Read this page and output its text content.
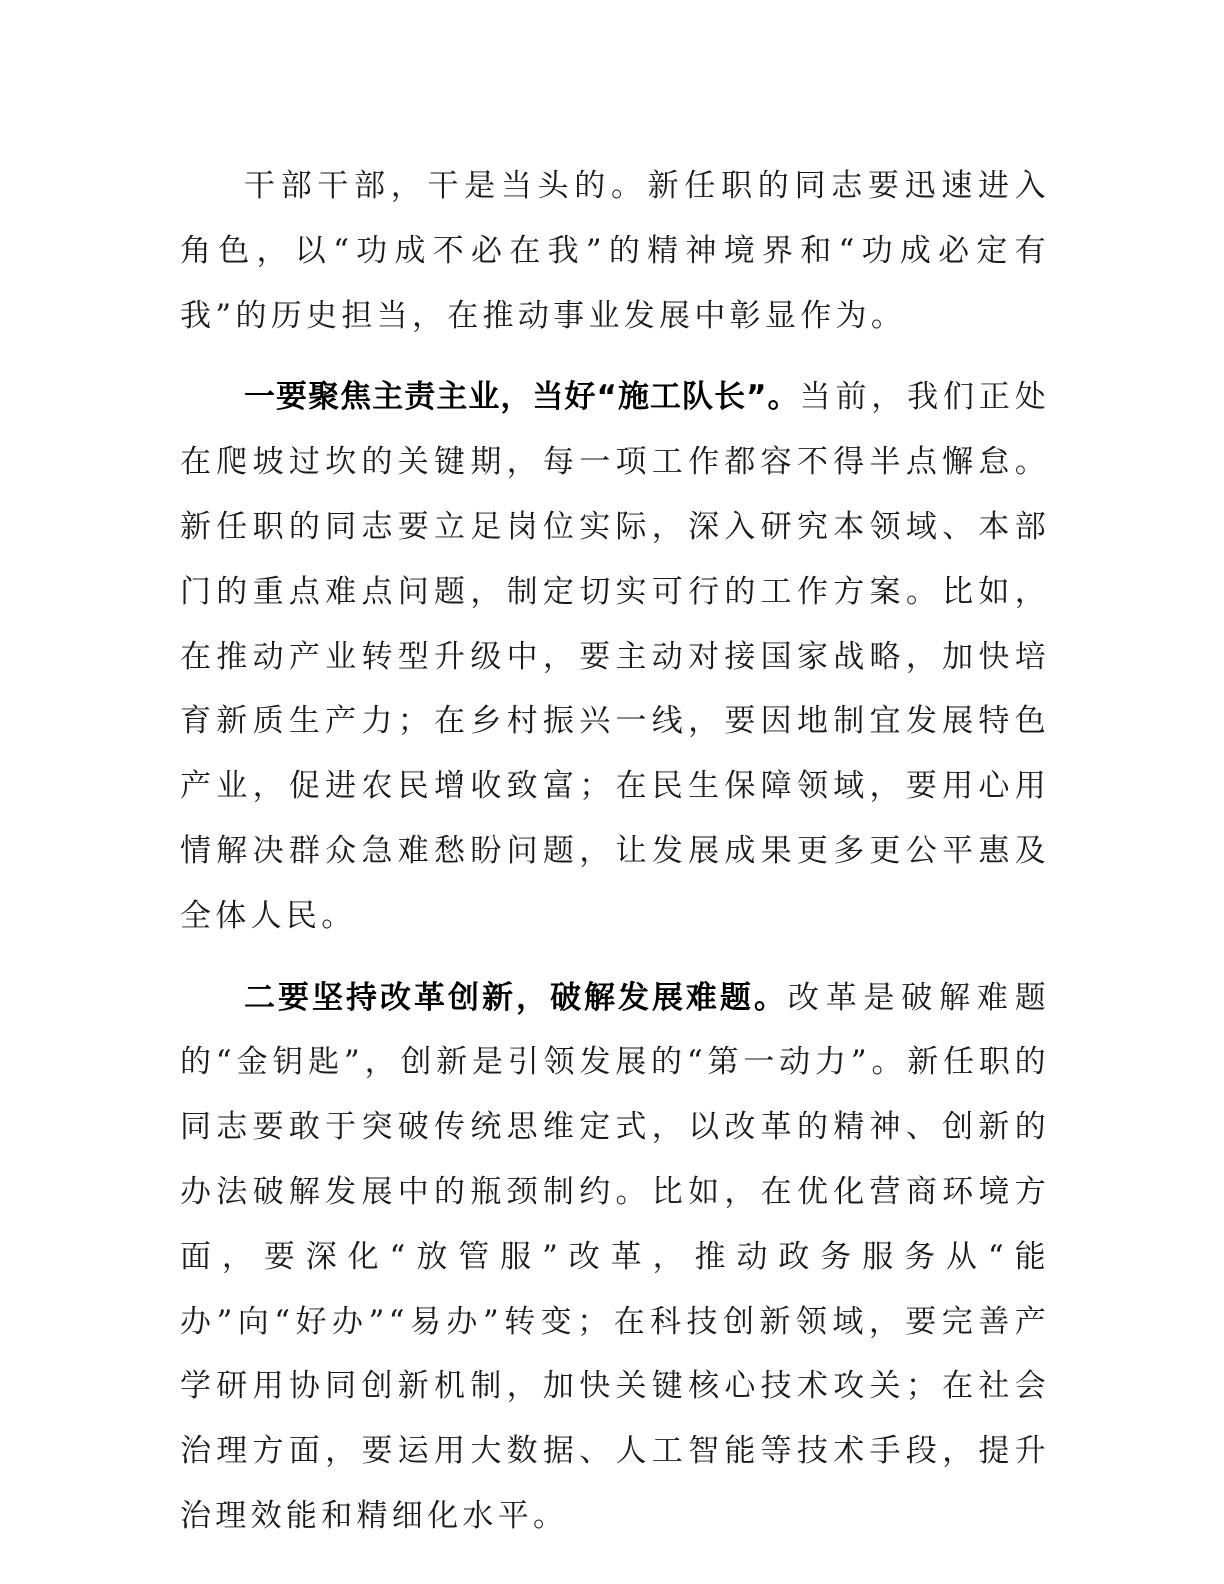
干部干部，干是当头的。新任职的同志要迅速进入角色，以“功成不必在我”的精神境界和“功成必定有我”的历史担当，在推动事业发展中彰显作为。

一要聚焦主责主业，当好“施工队长”。当前，我们正处在爬坡过坎的关键期，每一项工作都容不得半点懈怠。新任职的同志要立足岗位实际，深入研究本领域、本部门的重点难点问题，制定切实可行的工作方案。比如，在推动产业转型升级中，要主动对接国家战略，加快培育新质生产力；在乡村振兴一线，要因地制宜发展特色产业，促进农民增收致富；在民生保障领域，要用心用情解决群众急难愁盼问题，让发展成果更多更公平惠及全体人民。

二要坚持改革创新，破解发展难题。改革是破解难题的“金钥匙”，创新是引领发展的“第一动力”。新任职的同志要敢于突破传统思维定式，以改革的精神、创新的办法破解发展中的瓶颈制约。比如，在优化营商环境方面，要深化“放管服”改革，推动政务服务从“能办”向“好办”“易办”转变；在科技创新领域，要完善产学研用协同创新机制，加快关键核心技术攻关；在社会治理方面，要运用大数据、人工智能等技术手段，提升治理效能和精细化水平。
